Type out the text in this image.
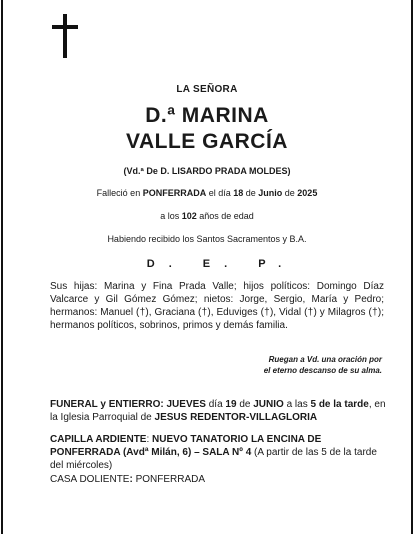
LA SEÑORA
D.ª MARINA
VALLE GARCÍA
(Vd.ª De D. LISARDO PRADA MOLDES)
Falleció en PONFERRADA el día 18 de Junio de 2025
a los 102 años de edad
Habiendo recibido los Santos Sacramentos y B.A.
D. E. P.
Sus hijas: Marina y Fina Prada Valle; hijos políticos: Domingo Díaz Valcarce y Gil Gómez Gómez; nietos: Jorge, Sergio, María y Pedro; hermanos: Manuel (†), Graciana (†), Eduviges (†), Vidal (†) y Milagros (†); hermanos políticos, sobrinos, primos y demás familia.
Ruegan a Vd. una oración por
el eterno descanso de su alma.
FUNERAL y ENTIERRO: JUEVES día 19 de JUNIO a las 5 de la tarde, en la Iglesia Parroquial de JESUS REDENTOR-VILLAGLORIA
CAPILLA ARDIENTE: NUEVO TANATORIO LA ENCINA DE PONFERRADA (Avdª Milán, 6) – SALA Nº 4 (A partir de las 5 de la tarde del miércoles)
CASA DOLIENTE: PONFERRADA
